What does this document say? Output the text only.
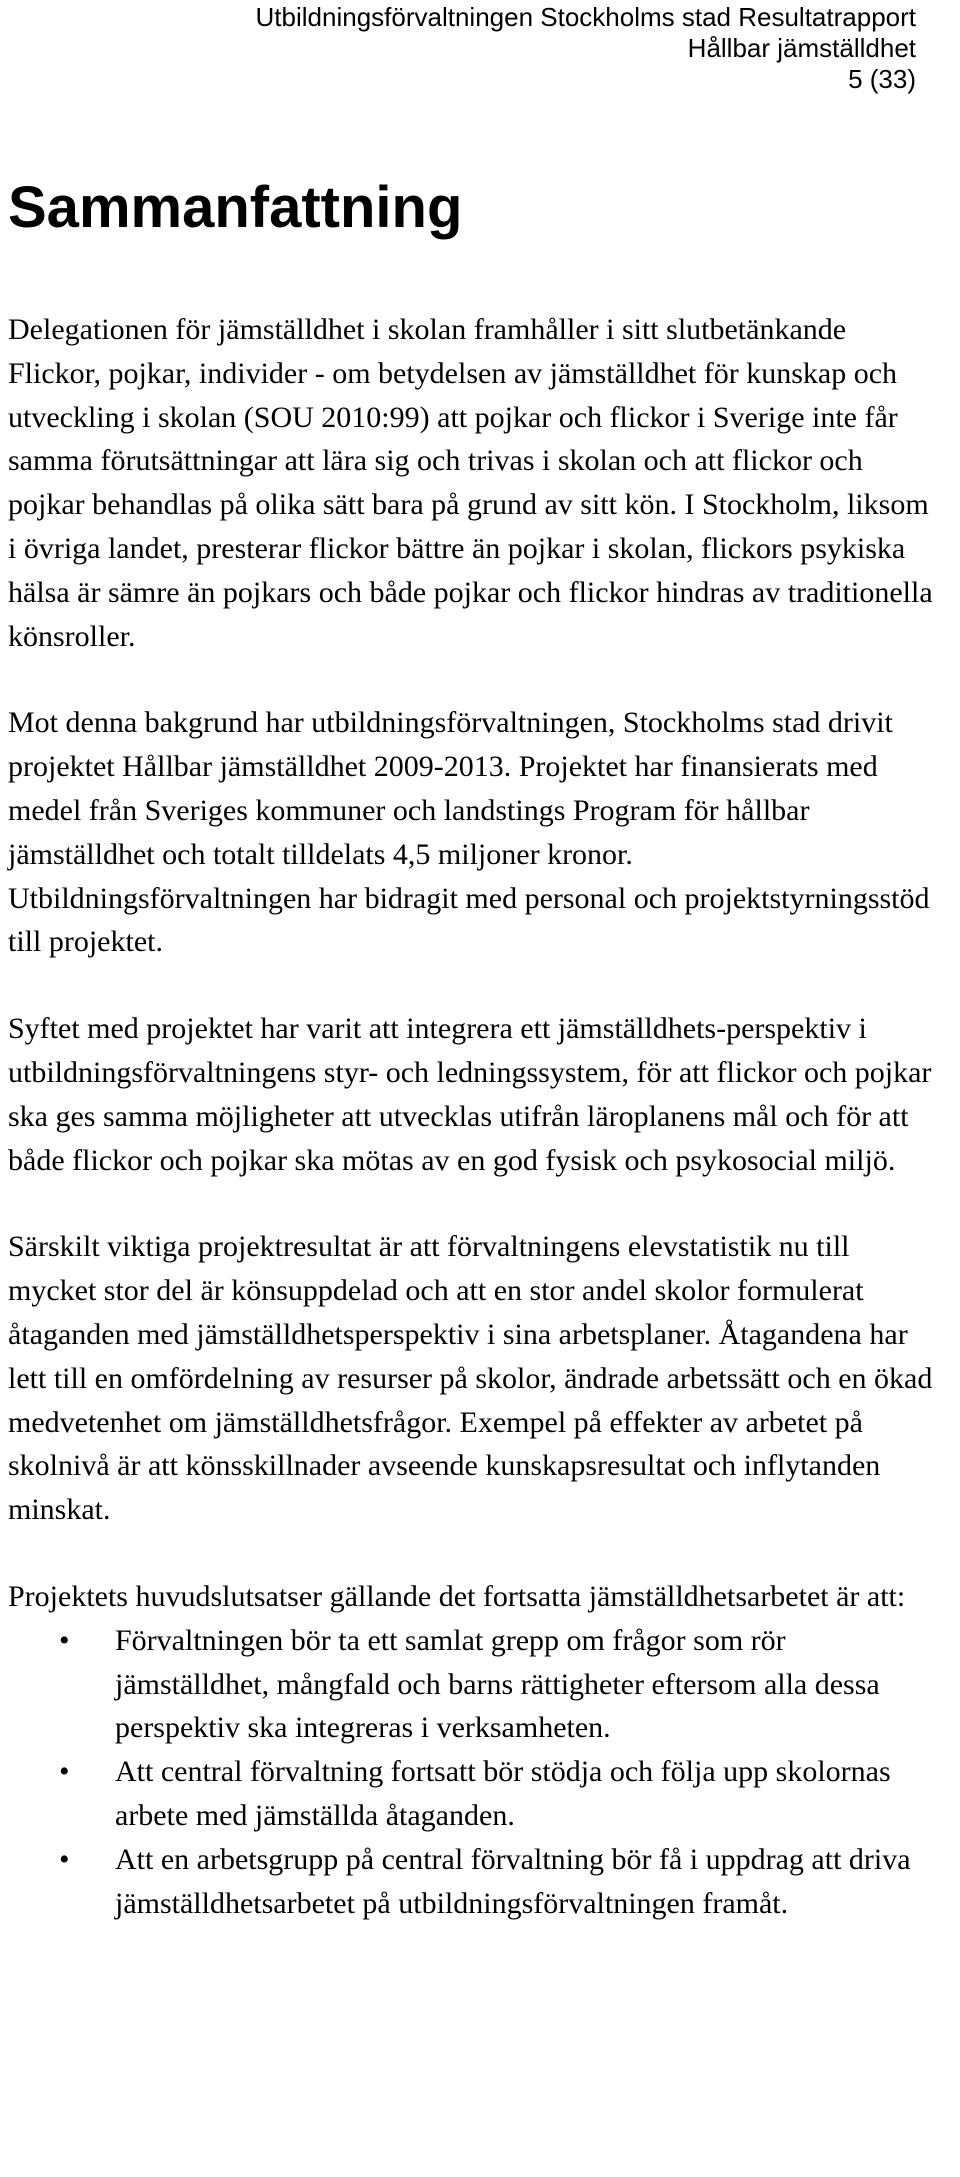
Utbildningsförvaltningen Stockholms stad Resultatrapport
Hållbar jämställdhet
5 (33)
Sammanfattning

Delegationen för jämställdhet i skolan framhåller i sitt slutbetänkande Flickor, pojkar, individer - om betydelsen av jämställdhet för kunskap och utveckling i skolan (SOU 2010:99) att pojkar och flickor i Sverige inte får samma förutsättningar att lära sig och trivas i skolan och att flickor och pojkar behandlas på olika sätt bara på grund av sitt kön. I Stockholm, liksom i övriga landet, presterar flickor bättre än pojkar i skolan, flickors psykiska hälsa är sämre än pojkars och både pojkar och flickor hindras av traditionella könsroller.

Mot denna bakgrund har utbildningsförvaltningen, Stockholms stad drivit projektet Hållbar jämställdhet 2009-2013. Projektet har finansierats med medel från Sveriges kommuner och landstings Program för hållbar jämställdhet och totalt tilldelats 4,5 miljoner kronor. Utbildningsförvaltningen har bidragit med personal och projektstyrningsstöd till projektet.

Syftet med projektet har varit att integrera ett jämställdhets-perspektiv i utbildningsförvaltningens styr- och ledningssystem, för att flickor och pojkar ska ges samma möjligheter att utvecklas utifrån läroplanens mål och för att både flickor och pojkar ska mötas av en god fysisk och psykosocial miljö.

Särskilt viktiga projektresultat är att förvaltningens elevstatistik nu till mycket stor del är könsuppdelad och att en stor andel skolor formulerat åtaganden med jämställdhetsperspektiv i sina arbetsplaner. Åtagandena har lett till en omfördelning av resurser på skolor, ändrade arbetssätt och en ökad medvetenhet om jämställdhetsfrågor. Exempel på effekter av arbetet på skolnivå är att könsskillnader avseende kunskapsresultat och inflytanden minskat.

Projektets huvudslutsatser gällande det fortsatta jämställdhetsarbetet är att:

• Förvaltningen bör ta ett samlat grepp om frågor som rör jämställdhet, mångfald och barns rättigheter eftersom alla dessa perspektiv ska integreras i verksamheten.
• Att central förvaltning fortsatt bör stödja och följa upp skolornas arbete med jämställda åtaganden.
• Att en arbetsgrupp på central förvaltning bör få i uppdrag att driva jämställdhetsarbetet på utbildningsförvaltningen framåt.
